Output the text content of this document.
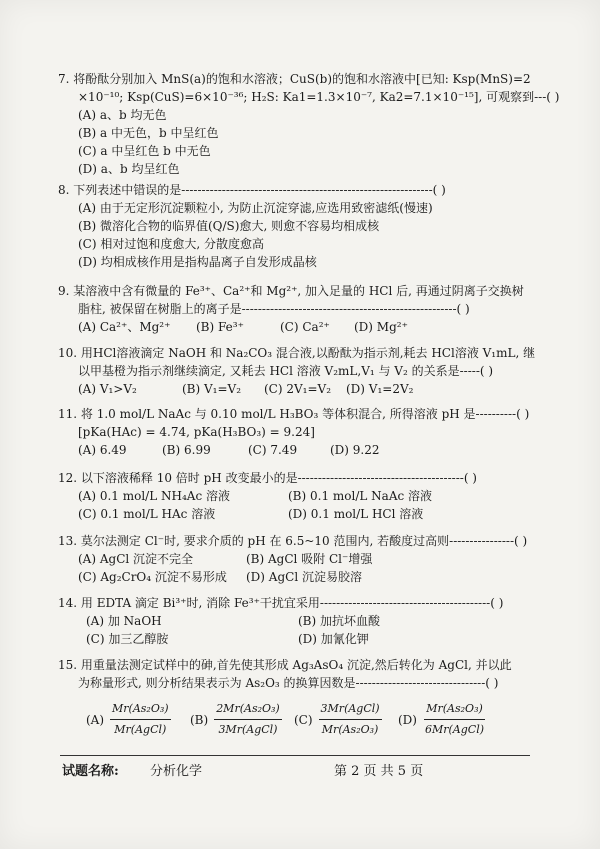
7. 将酚酞分别加入 MnS(a)的饱和水溶液；CuS(b)的饱和水溶液中[已知: Ksp(MnS)=2
×10⁻¹⁰; Ksp(CuS)=6×10⁻³⁶; H₂S: Ka1=1.3×10⁻⁷, Ka2=7.1×10⁻¹⁵], 可观察到---( )
(A) a、b 均无色
(B) a 中无色，b 中呈红色
(C) a 中呈红色 b 中无色
(D) a、b 均呈红色
8. 下列表述中错误的是--------------------------------------------------------------( )
(A) 由于无定形沉淀颗粒小, 为防止沉淀穿滤,应选用致密滤纸(慢速)
(B) 微溶化合物的临界值(Q/S)愈大, 则愈不容易均相成核
(C) 相对过饱和度愈大, 分散度愈高
(D) 均相成核作用是指构晶离子自发形成晶核
9. 某溶液中含有微量的 Fe³⁺、Ca²⁺和 Mg²⁺, 加入足量的 HCl 后, 再通过阴离子交换树
脂柱, 被保留在树脂上的离子是-----------------------------------------------------( )
(A) Ca²⁺、Mg²⁺ (B) Fe³⁺	(C) Ca²⁺ (D) Mg²⁺
10. 用HCl溶液滴定 NaOH 和 Na₂CO₃ 混合液,以酚酞为指示剂,耗去 HCl溶液 V₁mL, 继
以甲基橙为指示剂继续滴定, 又耗去 HCl 溶液 V₂mL,V₁ 与 V₂ 的关系是-----( )
(A) V₁>V₂	(B) V₁=V₂ (C) 2V₁=V₂ (D) V₁=2V₂
11. 将 1.0 mol/L NaAc 与 0.10 mol/L H₃BO₃ 等体积混合, 所得溶液 pH 是----------( )
[pKa(HAc) = 4.74, pKa(H₃BO₃) = 9.24]
(A) 6.49	(B) 6.99	(C) 7.49	(D) 9.22
12. 以下溶液稀释 10 倍时 pH 改变最小的是-----------------------------------------( )
(A) 0.1 mol/L NH₄Ac 溶液	(B) 0.1 mol/L NaAc 溶液
(C) 0.1 mol/L HAc 溶液	(D) 0.1 mol/L HCl 溶液
13. 莫尔法测定 Cl⁻时, 要求介质的 pH 在 6.5~10 范围内, 若酸度过高则----------------( )
(A) AgCl 沉淀不完全	(B) AgCl 吸附 Cl⁻增强
(C) Ag₂CrO₄ 沉淀不易形成 (D) AgCl 沉淀易胶溶
14. 用 EDTA 滴定 Bi³⁺时, 消除 Fe³⁺干扰宜采用------------------------------------------( )
(A) 加 NaOH	(B) 加抗坏血酸
(C) 加三乙醇胺	(D) 加氰化钾
15. 用重量法测定试样中的砷,首先使其形成 Ag₃AsO₄ 沉淀,然后转化为 AgCl, 并以此
为称量形式, 则分析结果表示为 As₂O₃ 的换算因数是--------------------------------( )
$(A) \frac{\text{Mr(As₂O₃)}}{\text{Mr(AgCl)}} (B) \frac{\text{2Mr(As₂O₃)}}{\text{3Mr(AgCl)}} (C) \frac{\text{3Mr(AgCl)}}{\text{Mr(As₂O₃)}} (D) \frac{\text{Mr(As₂O₃)}}{\text{6Mr(AgCl)}}$
试题名称: 分析化学	第 2 页 共 5 页
